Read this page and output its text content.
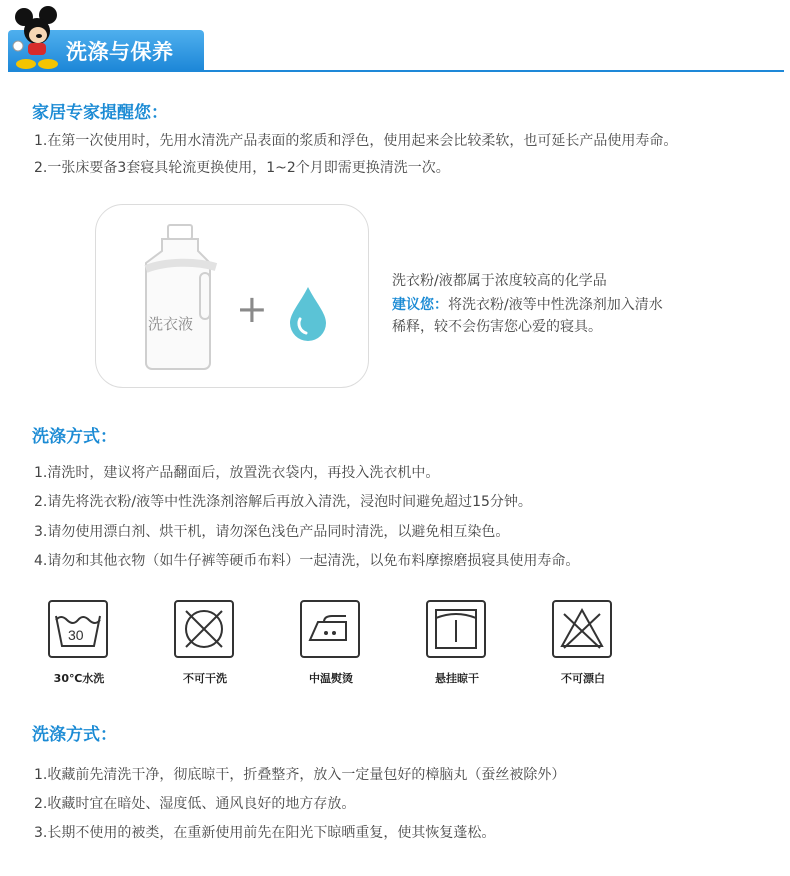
洗涤与保养
家居专家提醒您：
1.在第一次使用时，先用水清洗产品表面的浆质和浮色，使用起来会比较柔软，也可延长产品使用寿命。
2.一张床要备3套寝具轮流更换使用，1~2个月即需更换清洗一次。
洗衣液 +
洗衣粉/液都属于浓度较高的化学品
建议您：将洗衣粉/液等中性洗涤剂加入清水
稀释，较不会伤害您心爱的寝具。
洗涤方式：
1.清洗时，建议将产品翻面后，放置洗衣袋内，再投入洗衣机中。
2.请先将洗衣粉/液等中性洗涤剂溶解后再放入清洗，浸泡时间避免超过15分钟。
3.请勿使用漂白剂、烘干机，请勿深色浅色产品同时清洗，以避免相互染色。
4.请勿和其他衣物（如牛仔裤等硬币布料）一起清洗，以免布料摩擦磨损寝具使用寿命。
30
30℃水洗	不可干洗	中温熨烫	悬挂晾干	不可漂白
洗涤方式：
1.收藏前先清洗干净，彻底晾干，折叠整齐，放入一定量包好的樟脑丸（蚕丝被除外）
2.收藏时宜在暗处、湿度低、通风良好的地方存放。
3.长期不使用的被类，在重新使用前先在阳光下晾晒重复，使其恢复蓬松。
